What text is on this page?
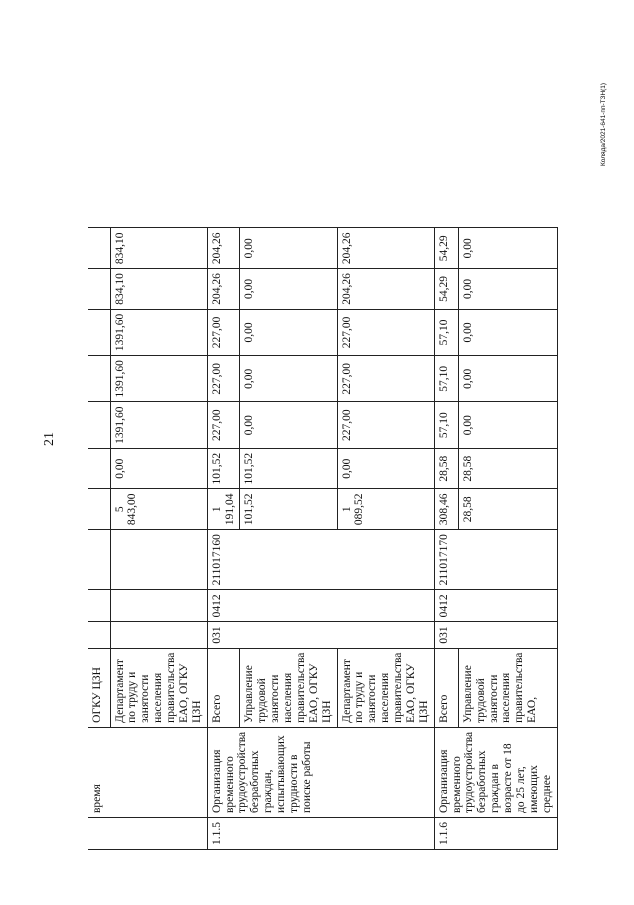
21
Коляда/2021-641-пп-ТЗН(1)
	время	ОГКУ ЦЗН										
		Департамент по труду и занятости населения правительства ЕАО, ОГКУ ЦЗН				5 843,00	0,00	1391,60	1391,60	1391,60	834,10	834,10
1.1.5	Организация временного трудоустройства безработных граждан, испытывающих трудности в поиске работы	Всего	031	0412	211017160	1 191,04	101,52	227,00	227,00	227,00	204,26	204,26
		Управление трудовой занятости населения правительства ЕАО, ОГКУ ЦЗН				101,52	101,52	0,00	0,00	0,00	0,00	0,00
		Департамент по труду и занятости населения правительства ЕАО, ОГКУ ЦЗН				1 089,52	0,00	227,00	227,00	227,00	204,26	204,26
1.1.6	Организация временного трудоустройства безработных граждан в возрасте от 18 до 25 лет, имеющих среднее	Всего	031	0412	211017170	308,46	28,58	57,10	57,10	57,10	54,29	54,29
		Управление трудовой занятости населения правительства ЕАО,				28,58	28,58	0,00	0,00	0,00	0,00	0,00
